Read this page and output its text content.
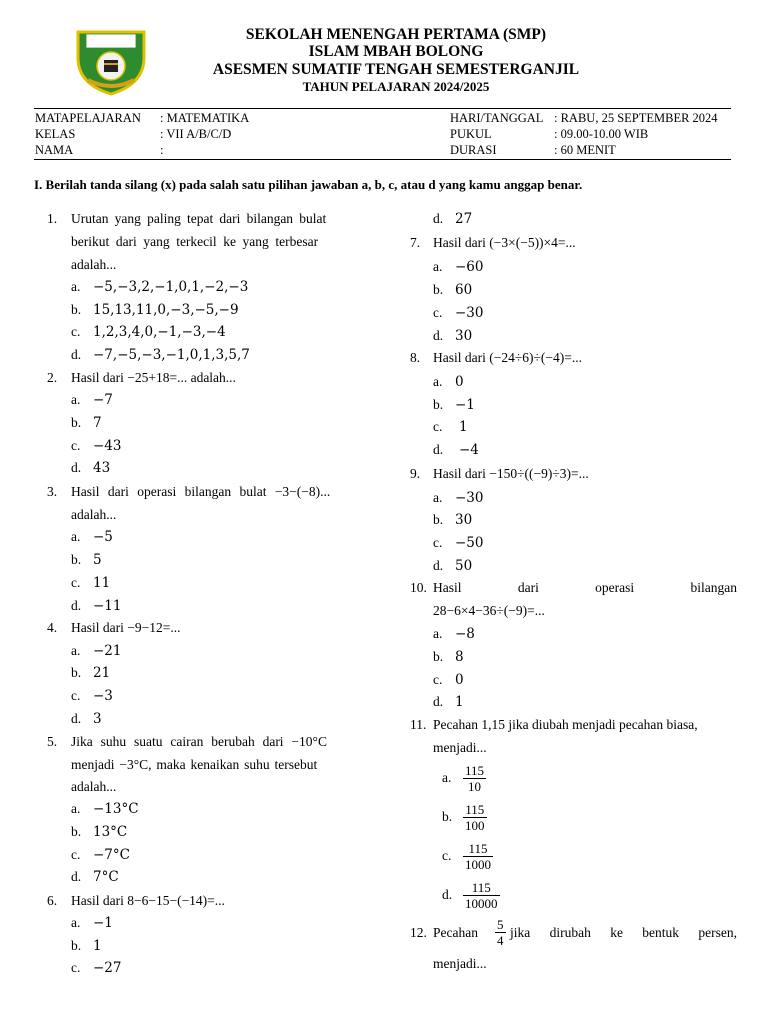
SEKOLAH MENENGAH PERTAMA (SMP)
ISLAM MBAH BOLONG
ASESMEN SUMATIF TENGAH SEMESTERGANJIL
TAHUN PELAJARAN 2024/2025
MATAPELAJARAN : MATEMATIKA
KELAS	: VII A/B/C/D
NAMA	:
HARI/TANGGAL : RABU, 25 SEPTEMBER 2024
PUKUL	: 09.00-10.00 WIB
DURASI	: 60 MENIT
I. Berilah tanda silang (x) pada salah satu pilihan jawaban a, b, c, atau d yang kamu anggap benar.
1. Urutan yang paling tepat dari bilangan bulat
berikut dari yang terkecil ke yang terbesar
adalah...
a. −5,−3,2,−1,0,1,−2,−3
b. 15,13,11,0,−3,−5,−9
c. 1,2,3,4,0,−1,−3,−4
d. −7,−5,−3,−1,0,1,3,5,7
2. Hasil dari −25+18=... adalah...
a. −7
b. 7
c. −43
d. 43
3. Hasil dari operasi bilangan bulat −3−(−8)...
adalah...
a. −5
b. 5
c. 11
d. −11
4. Hasil dari −9−12=...
a. −21
b. 21
c. −3
d. 3
5. Jika suhu suatu cairan berubah dari −10°C
menjadi −3°C, maka kenaikan suhu tersebut
adalah...
a. −13°C
b. 13°C
c. −7°C
d. 7°C
6. Hasil dari 8−6−15−(−14)=...
a. −1
b. 1
c. −27
d. 27
7. Hasil dari (−3×(−5))×4=...
a. −60
b. 60
c. −30
d. 30
8. Hasil dari (−24÷6)÷(−4)=...
a. 0
b. −1
c. 1
d. −4
9. Hasil dari −150÷((−9)÷3)=...
a. −30
b. 30
c. −50
d. 50
10. Hasil	dari	operasi	bilangan
28−6×4−36÷(−9)=...
a. −8
b. 8
c. 0
d. 1
11. Pecahan 1,15 jika diubah menjadi pecahan biasa,
menjadi...
a. $\frac{115}{10}$
b. $\frac{115}{100}$
c. $\frac{115}{1000}$
d. $\frac{115}{10000}$
12. Pecahan $\frac{5}{4}$ jika dirubah ke bentuk persen,
menjadi...
